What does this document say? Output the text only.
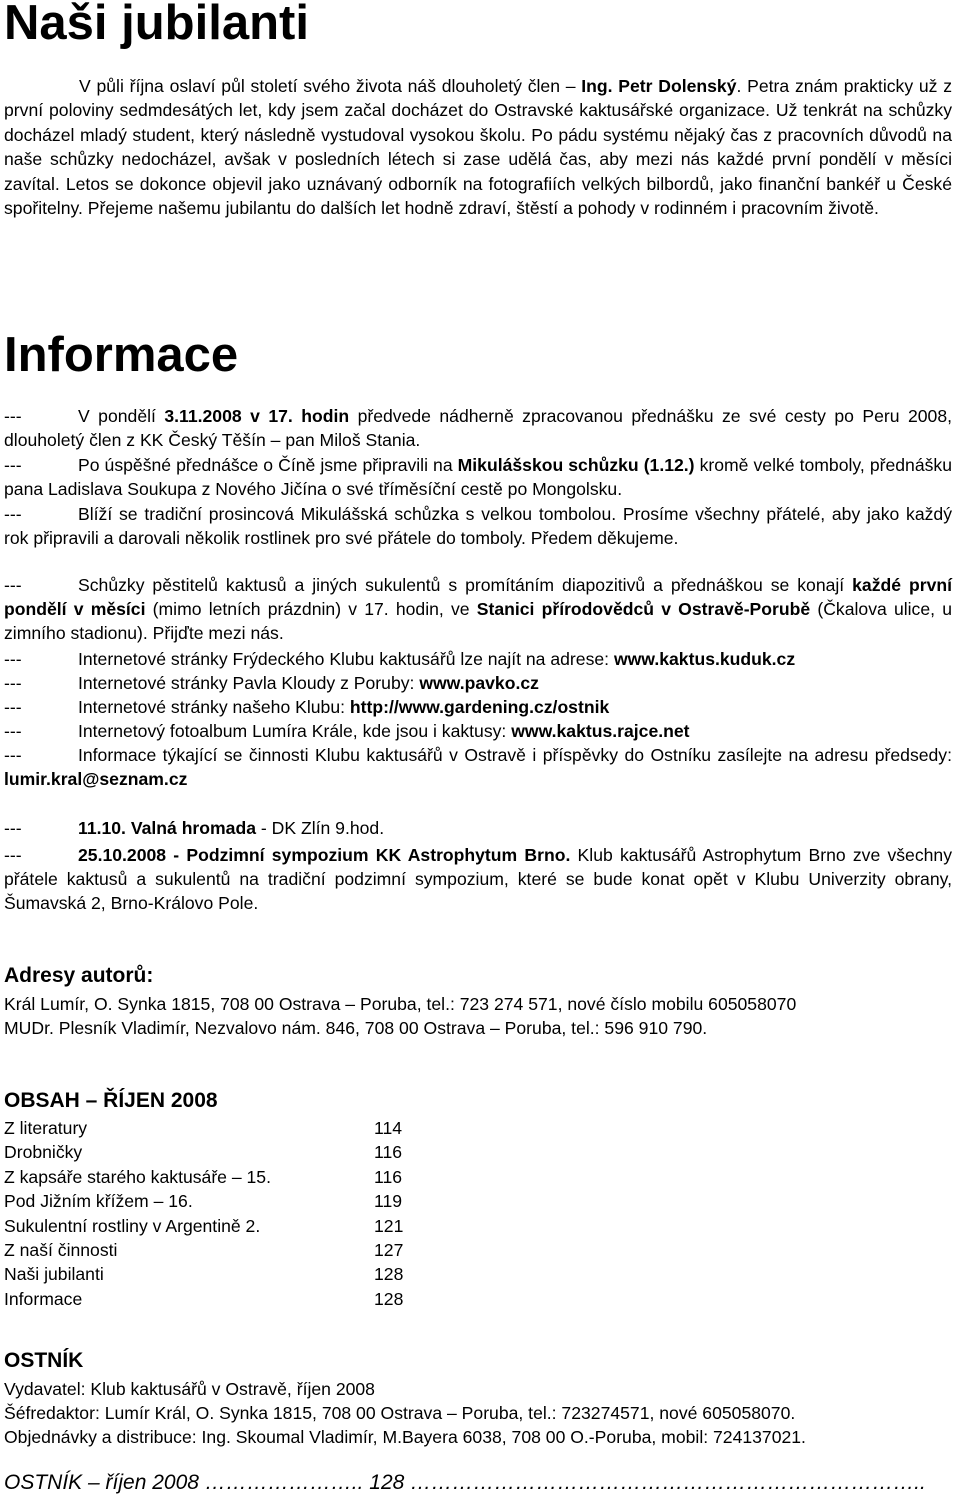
Naši jubilanti

V půli října oslaví půl století svého života náš dlouholetý člen – Ing. Petr Dolenský. Petra znám prakticky už z první poloviny sedmdesátých let, kdy jsem začal docházet do Ostravské kaktusářské organizace. Už tenkrát na schůzky docházel mladý student, který následně vystudoval vysokou školu. Po pádu systému nějaký čas z pracovních důvodů na naše schůzky nedocházel, avšak v posledních létech si zase udělá čas, aby mezi nás každé první pondělí v měsíci zavítal. Letos se dokonce objevil jako uznávaný odborník na fotografiích velkých bilbordů, jako finanční bankéř u České spořitelny. Přejeme našemu jubilantu do dalších let hodně zdraví, štěstí a pohody v rodinném i pracovním životě.

Informace

---	V pondělí 3.11.2008 v 17. hodin předvede nádherně zpracovanou přednášku ze své cesty po Peru 2008, dlouholetý člen z KK Český Těšín – pan Miloš Stania.

---	Po úspěšné přednášce o Číně jsme připravili na Mikulášskou schůzku (1.12.) kromě velké tomboly, přednášku pana Ladislava Soukupa z Nového Jičína o své tříměsíční cestě po Mongolsku.

---	Blíží se tradiční prosincová Mikulášská schůzka s velkou tombolou. Prosíme všechny přátelé, aby jako každý rok připravili a darovali několik rostlinek pro své přátele do tomboly. Předem děkujeme.

---	Schůzky pěstitelů kaktusů a jiných sukulentů s promítáním diapozitivů a přednáškou se konají každé první pondělí v měsíci (mimo letních prázdnin) v 17. hodin, ve Stanici přírodovědců v Ostravě-Porubě (Čkalova ulice, u zimního stadionu). Přijďte mezi nás.

---	Internetové stránky Frýdeckého Klubu kaktusářů lze najít na adrese: www.kaktus.kuduk.cz

---	Internetové stránky Pavla Kloudy z Poruby: www.pavko.cz

---	Internetové stránky našeho Klubu: http://www.gardening.cz/ostnik

---	Internetový fotoalbum Lumíra Krále, kde jsou i kaktusy: www.kaktus.rajce.net

---	Informace týkající se činnosti Klubu kaktusářů v Ostravě i příspěvky do Ostníku zasílejte na adresu předsedy: lumir.kral@seznam.cz

---	11.10. Valná hromada - DK Zlín 9.hod.

---	25.10.2008 - Podzimní sympozium KK Astrophytum Brno. Klub kaktusářů Astrophytum Brno zve všechny přátele kaktusů a sukulentů na tradiční podzimní sympozium, které se bude konat opět v Klubu Univerzity obrany, Šumavská 2, Brno-Královo Pole.

Adresy autorů:

Král Lumír, O. Synka 1815, 708 00 Ostrava – Poruba, tel.: 723 274 571, nové číslo mobilu 605058070

MUDr. Plesník Vladimír, Nezvalovo nám. 846, 708 00 Ostrava – Poruba, tel.: 596 910 790.

OBSAH – ŘÍJEN 2008
Z literatury	114
Drobničky	116
Z kapsáře starého kaktusáře – 15.	116
Pod Jižním křížem – 16.	119
Sukulentní rostliny v Argentině 2.	121
Z naší činnosti	127
Naši jubilanti	128
Informace	128
OSTNÍK

Vydavatel: Klub kaktusářů v Ostravě, říjen 2008

Šéfredaktor: Lumír Král, O. Synka 1815, 708 00 Ostrava – Poruba, tel.: 723274571, nové 605058070.

Objednávky a distribuce: Ing. Skoumal Vladimír, M.Bayera 6038, 708 00 O.-Poruba, mobil: 724137021.

OSTNÍK – říjen 2008 ………………….. 128 ………………………………………………………………..
